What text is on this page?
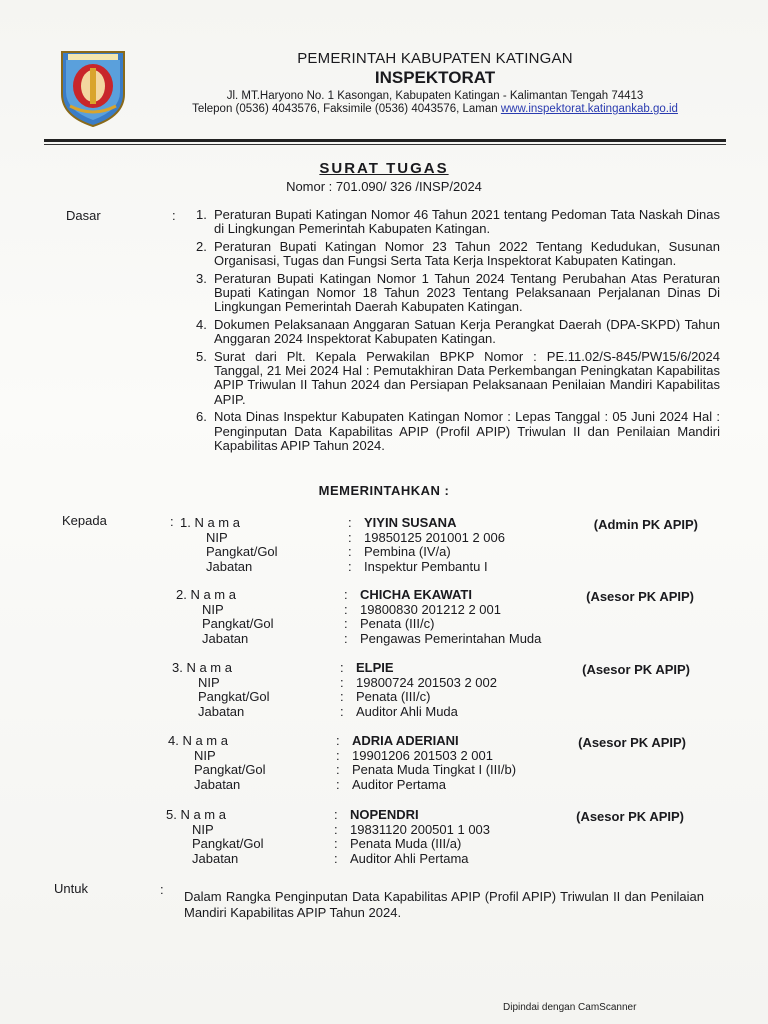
PEMERINTAH KABUPATEN KATINGAN
INSPEKTORAT
Jl. MT.Haryono No. 1 Kasongan, Kabupaten Katingan - Kalimantan Tengah 74413
Telepon (0536) 4043576, Faksimile (0536) 4043576, Laman www.inspektorat.katingankab.go.id
SURAT TUGAS
Nomor : 701.090/ 326 /INSP/2024
Dasar	: 1. Peraturan Bupati Katingan Nomor 46 Tahun 2021 tentang Pedoman Tata Naskah Dinas di Lingkungan Pemerintah Kabupaten Katingan.
2. Peraturan Bupati Katingan Nomor 23 Tahun 2022 Tentang Kedudukan, Susunan Organisasi, Tugas dan Fungsi Serta Tata Kerja Inspektorat Kabupaten Katingan.
3. Peraturan Bupati Katingan Nomor 1 Tahun 2024 Tentang Perubahan Atas Peraturan Bupati Katingan Nomor 18 Tahun 2023 Tentang Pelaksanaan Perjalanan Dinas Di Lingkungan Pemerintah Daerah Kabupaten Katingan.
4. Dokumen Pelaksanaan Anggaran Satuan Kerja Perangkat Daerah (DPA-SKPD) Tahun Anggaran 2024 Inspektorat Kabupaten Katingan.
5. Surat dari Plt. Kepala Perwakilan BPKP Nomor : PE.11.02/S-845/PW15/6/2024 Tanggal, 21 Mei 2024 Hal : Pemutakhiran Data Perkembangan Peningkatan Kapabilitas APIP Triwulan II Tahun 2024 dan Persiapan Pelaksanaan Penilaian Mandiri Kapabilitas APIP.
6. Nota Dinas Inspektur Kabupaten Katingan Nomor : Lepas Tanggal : 05 Juni 2024 Hal : Penginputan Data Kapabilitas APIP (Profil APIP) Triwulan II dan Penilaian Mandiri Kapabilitas APIP Tahun 2024.
MEMERINTAHKAN :
Kepada	: 1. N a m a	: YIYIN SUSANA
NIP	: 19850125 201001 2 006
Pangkat/Gol	: Pembina (IV/a)
Jabatan	: Inspektur Pembantu I
(Admin PK APIP)
2. N a m a	: CHICHA EKAWATI
NIP	: 19800830 201212 2 001
Pangkat/Gol	: Penata (III/c)
Jabatan	: Pengawas Pemerintahan Muda
(Asesor PK APIP)
3. N a m a	: ELPIE
NIP	: 19800724 201503 2 002
Pangkat/Gol	: Penata (III/c)
Jabatan	: Auditor Ahli Muda
(Asesor PK APIP)
4. N a m a	: ADRIA ADERIANI
NIP	: 19901206 201503 2 001
Pangkat/Gol	: Penata Muda Tingkat I (III/b)
Jabatan	: Auditor Pertama
(Asesor PK APIP)
5. N a m a	: NOPENDRI
NIP	: 19831120 200501 1 003
Pangkat/Gol	: Penata Muda (III/a)
Jabatan	: Auditor Ahli Pertama
(Asesor PK APIP)
Untuk	: Dalam Rangka Penginputan Data Kapabilitas APIP (Profil APIP) Triwulan II dan Penilaian Mandiri Kapabilitas APIP Tahun 2024.
Dipindai dengan CamScanner
